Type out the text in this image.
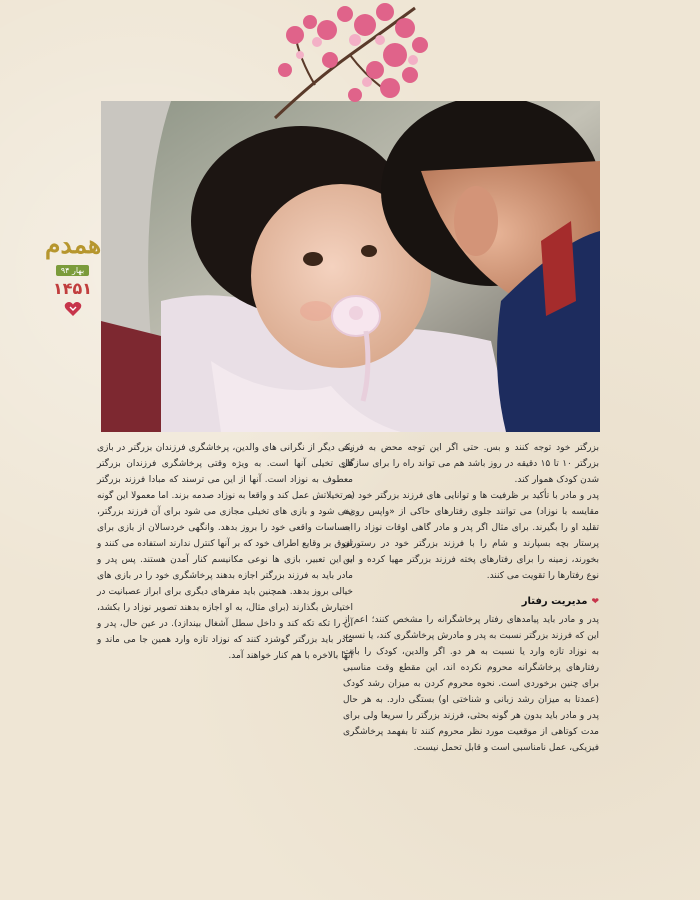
همدم
بهار ۹۴
۱۴۵۱

بزرگتر خود توجه کنند و بس. حتی اگر این توجه محض به فرزند بزرگتر ۱۰ تا ۱۵ دقیقه در روز باشد هم می تواند راه را برای سازگار شدن کودک هموار کند.

پدر و مادر با تأکید بر ظرفیت ها و توانایی های فرزند بزرگتر خود (در مقایسه با نوزاد) می توانند جلوی رفتارهای حاکی از «واپس روی» تقلید او را بگیرند. برای مثال اگر پدر و مادر گاهی اوقات نوزاد را به پرستار بچه بسپارند و شام را با فرزند بزرگتر خود در رستوران بخورند، زمینه را برای رفتارهای پخته فرزند بزرگتر مهیا کرده و این نوع رفتارها را تقویت می کنند.

❤مدیریت رفتار

پدر و مادر باید پیامدهای رفتار پرخاشگرانه را مشخص کنند؛ اعم از این که فرزند بزرگتر نسبت به پدر و مادرش پرخاشگری کند، یا نسبت به نوزاد تازه وارد یا نسبت به هر دو. اگر والدین، کودک را بابت رفتارهای پرخاشگرانه محروم نکرده اند، این مقطع وقت مناسبی برای چنین برخوردی است. نحوه محروم کردن به میزان رشد کودک (عمدتا به میزان رشد زبانی و شناختی او) بستگی دارد. به هر حال پدر و مادر باید بدون هر گونه بحثی، فرزند بزرگتر را سریعا ولی برای مدت کوتاهی از موقعیت مورد نظر محروم کنند تا بفهمد پرخاشگری فیزیکی، عمل نامناسبی است و قابل تحمل نیست.

یکی دیگر از نگرانی های والدین، پرخاشگری فرزندان بزرگتر در بازی های تخیلی آنها است. به ویژه وقتی پرخاشگری فرزندان بزرگتر معطوف به نوزاد است. آنها از این می ترسند که مبادا فرزند بزرگتر به تخیلاتش عمل کند و واقعا به نوزاد صدمه بزند. اما معمولا این گونه نمی شود و بازی های تخیلی مجازی می شود برای آن فرزند بزرگتر، احساسات واقعی خود را بروز بدهد. وانگهی خردسالان از بازی برای تفوق بر وقایع اطراف خود که بر آنها کنترل ندارند استفاده می کنند و به این تعبیر، بازی ها نوعی مکانیسم کنار آمدن هستند. پس پدر و مادر باید به فرزند بزرگتر اجازه بدهند پرخاشگری خود را در بازی های خیالی بروز بدهد. همچنین باید مفرهای دیگری برای ابراز عصبانیت در اختیارش بگذارند (برای مثال، به او اجازه بدهند تصویر نوزاد را بکشد، آن را تکه تکه کند و داخل سطل آشغال بیندازد). در عین حال، پدر و مادر باید بزرگتر گوشزد کنند که نوزاد تازه وارد همین جا می ماند و آنها بالاخره با هم کنار خواهند آمد.
